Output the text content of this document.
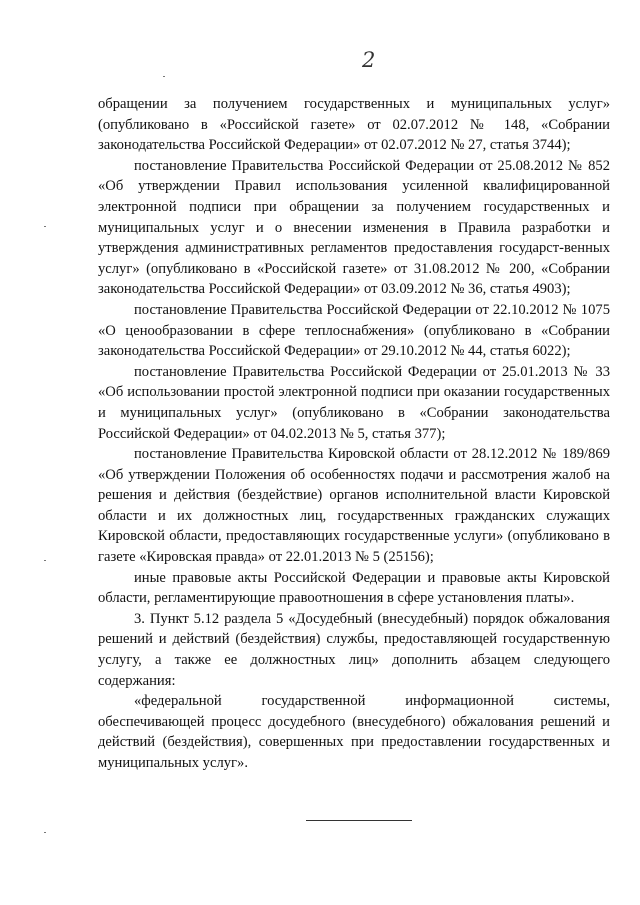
2

обращении за получением государственных и муниципальных услуг» (опубликовано в «Российской газете» от 02.07.2012 № 148, «Собрании законодательства Российской Федерации» от 02.07.2012 № 27, статья 3744);

постановление Правительства Российской Федерации от 25.08.2012 № 852 «Об утверждении Правил использования усиленной квалифицированной электронной подписи при обращении за получением государственных и муниципальных услуг и о внесении изменения в Правила разработки и утверждения административных регламентов предоставления государст-венных услуг» (опубликовано в «Российской газете» от 31.08.2012 № 200, «Собрании законодательства Российской Федерации» от 03.09.2012 № 36, статья 4903);

постановление Правительства Российской Федерации от 22.10.2012 № 1075 «О ценообразовании в сфере теплоснабжения» (опубликовано в «Собрании законодательства Российской Федерации» от 29.10.2012 № 44, статья 6022);

постановление Правительства Российской Федерации от 25.01.2013 № 33 «Об использовании простой электронной подписи при оказании государственных и муниципальных услуг» (опубликовано в «Собрании законодательства Российской Федерации» от 04.02.2013 № 5, статья 377);

постановление Правительства Кировской области от 28.12.2012 № 189/869 «Об утверждении Положения об особенностях подачи и рассмотрения жалоб на решения и действия (бездействие) органов исполнительной власти Кировской области и их должностных лиц, государственных гражданских служащих Кировской области, предоставляющих государственные услуги» (опубликовано в газете «Кировская правда» от 22.01.2013 № 5 (25156);

иные правовые акты Российской Федерации и правовые акты Кировской области, регламентирующие правоотношения в сфере установления платы».

3. Пункт 5.12 раздела 5 «Досудебный (внесудебный) порядок обжалования решений и действий (бездействия) службы, предоставляющей государственную услугу, а также ее должностных лиц» дополнить абзацем следующего содержания:

«федеральной государственной информационной системы, обеспечивающей процесс досудебного (внесудебного) обжалования решений и действий (бездействия), совершенных при предоставлении государственных и муниципальных услуг».
